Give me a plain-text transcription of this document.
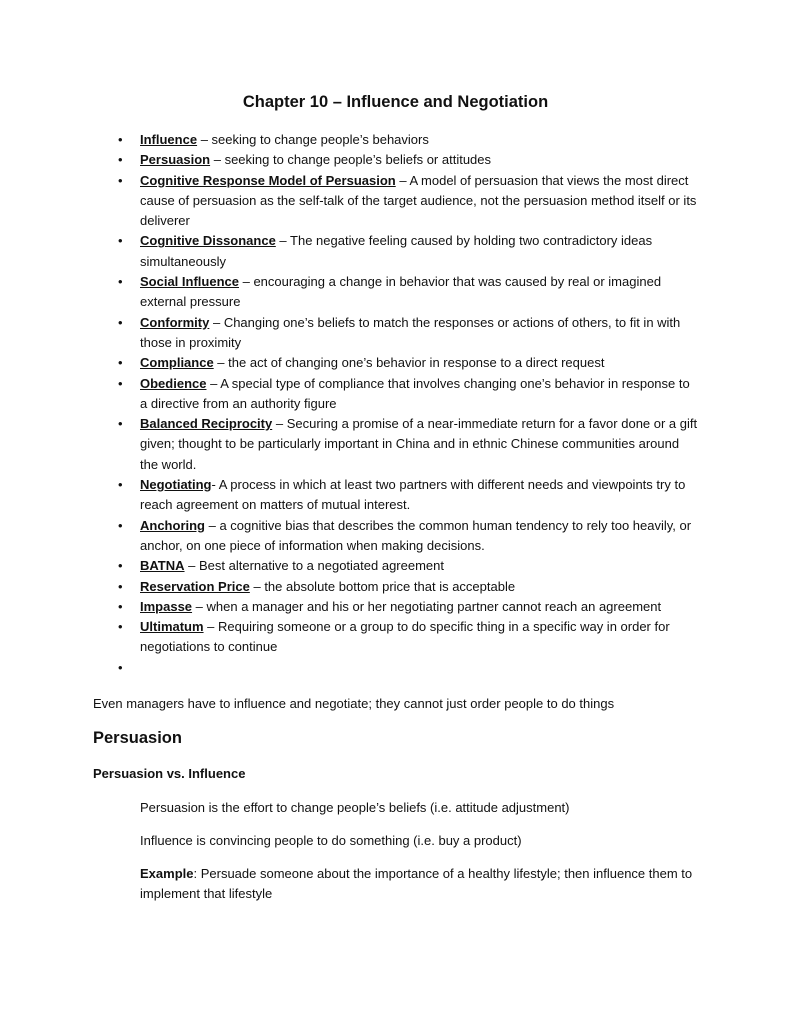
Chapter 10 – Influence and Negotiation
• Influence – seeking to change people’s behaviors
• Persuasion – seeking to change people’s beliefs or attitudes
• Cognitive Response Model of Persuasion – A model of persuasion that views the most direct cause of persuasion as the self-talk of the target audience, not the persuasion method itself or its deliverer
• Cognitive Dissonance – The negative feeling caused by holding two contradictory ideas simultaneously
• Social Influence – encouraging a change in behavior that was caused by real or imagined external pressure
• Conformity – Changing one’s beliefs to match the responses or actions of others, to fit in with those in proximity
• Compliance – the act of changing one’s behavior in response to a direct request
• Obedience – A special type of compliance that involves changing one’s behavior in response to a directive from an authority figure
• Balanced Reciprocity – Securing a promise of a near-immediate return for a favor done or a gift given; thought to be particularly important in China and in ethnic Chinese communities around the world.
• Negotiating- A process in which at least two partners with different needs and viewpoints try to reach agreement on matters of mutual interest.
• Anchoring – a cognitive bias that describes the common human tendency to rely too heavily, or anchor, on one piece of information when making decisions.
• BATNA – Best alternative to a negotiated agreement
• Reservation Price – the absolute bottom price that is acceptable
• Impasse – when a manager and his or her negotiating partner cannot reach an agreement
• Ultimatum – Requiring someone or a group to do specific thing in a specific way in order for negotiations to continue
•

Even managers have to influence and negotiate; they cannot just order people to do things

Persuasion
Persuasion vs. Influence

Persuasion is the effort to change people’s beliefs (i.e. attitude adjustment)

Influence is convincing people to do something (i.e. buy a product)

Example: Persuade someone about the importance of a healthy lifestyle; then influence them to implement that lifestyle
